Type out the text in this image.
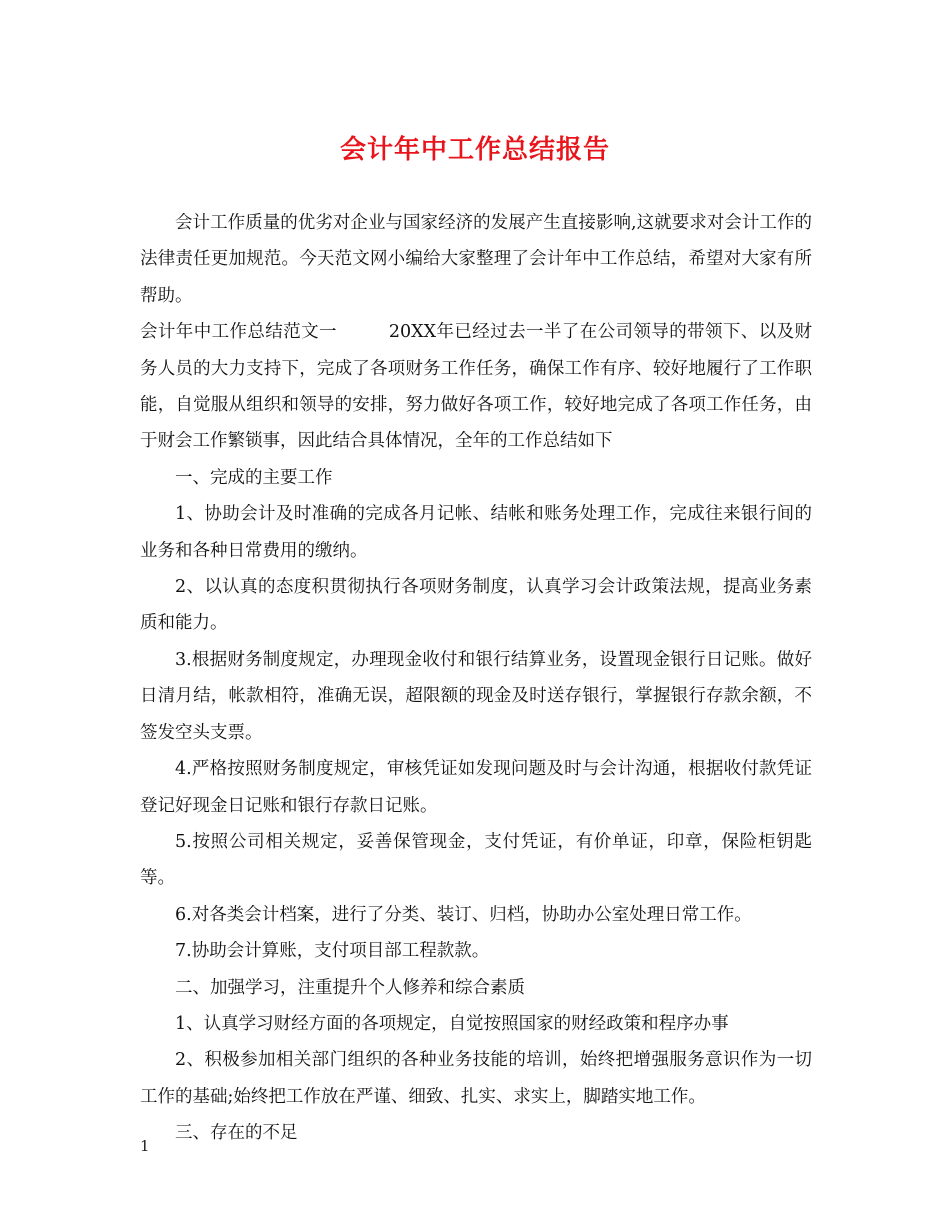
会计年中工作总结报告

会计工作质量的优劣对企业与国家经济的发展产生直接影响,这就要求对会计工作的法律责任更加规范。今天范文网小编给大家整理了会计年中工作总结，希望对大家有所帮助。

会计年中工作总结范文一	20XX年已经过去一半了在公司领导的带领下、以及财务人员的大力支持下，完成了各项财务工作任务，确保工作有序、较好地履行了工作职能，自觉服从组织和领导的安排，努力做好各项工作，较好地完成了各项工作任务，由于财会工作繁锁事，因此结合具体情况，全年的工作总结如下

一、完成的主要工作

1、协助会计及时准确的完成各月记帐、结帐和账务处理工作，完成往来银行间的业务和各种日常费用的缴纳。

2、以认真的态度积贯彻执行各项财务制度，认真学习会计政策法规，提高业务素质和能力。

3.根据财务制度规定，办理现金收付和银行结算业务，设置现金银行日记账。做好日清月结，帐款相符，准确无误，超限额的现金及时送存银行，掌握银行存款余额，不签发空头支票。

4.严格按照财务制度规定，审核凭证如发现问题及时与会计沟通，根据收付款凭证登记好现金日记账和银行存款日记账。

5.按照公司相关规定，妥善保管现金，支付凭证，有价单证，印章，保险柜钥匙等。

6.对各类会计档案，进行了分类、装订、归档，协助办公室处理日常工作。

7.协助会计算账，支付项目部工程款款。

二、加强学习，注重提升个人修养和综合素质

1、认真学习财经方面的各项规定，自觉按照国家的财经政策和程序办事

2、积极参加相关部门组织的各种业务技能的培训，始终把增强服务意识作为一切工作的基础;始终把工作放在严谨、细致、扎实、求实上，脚踏实地工作。

三、存在的不足

1
